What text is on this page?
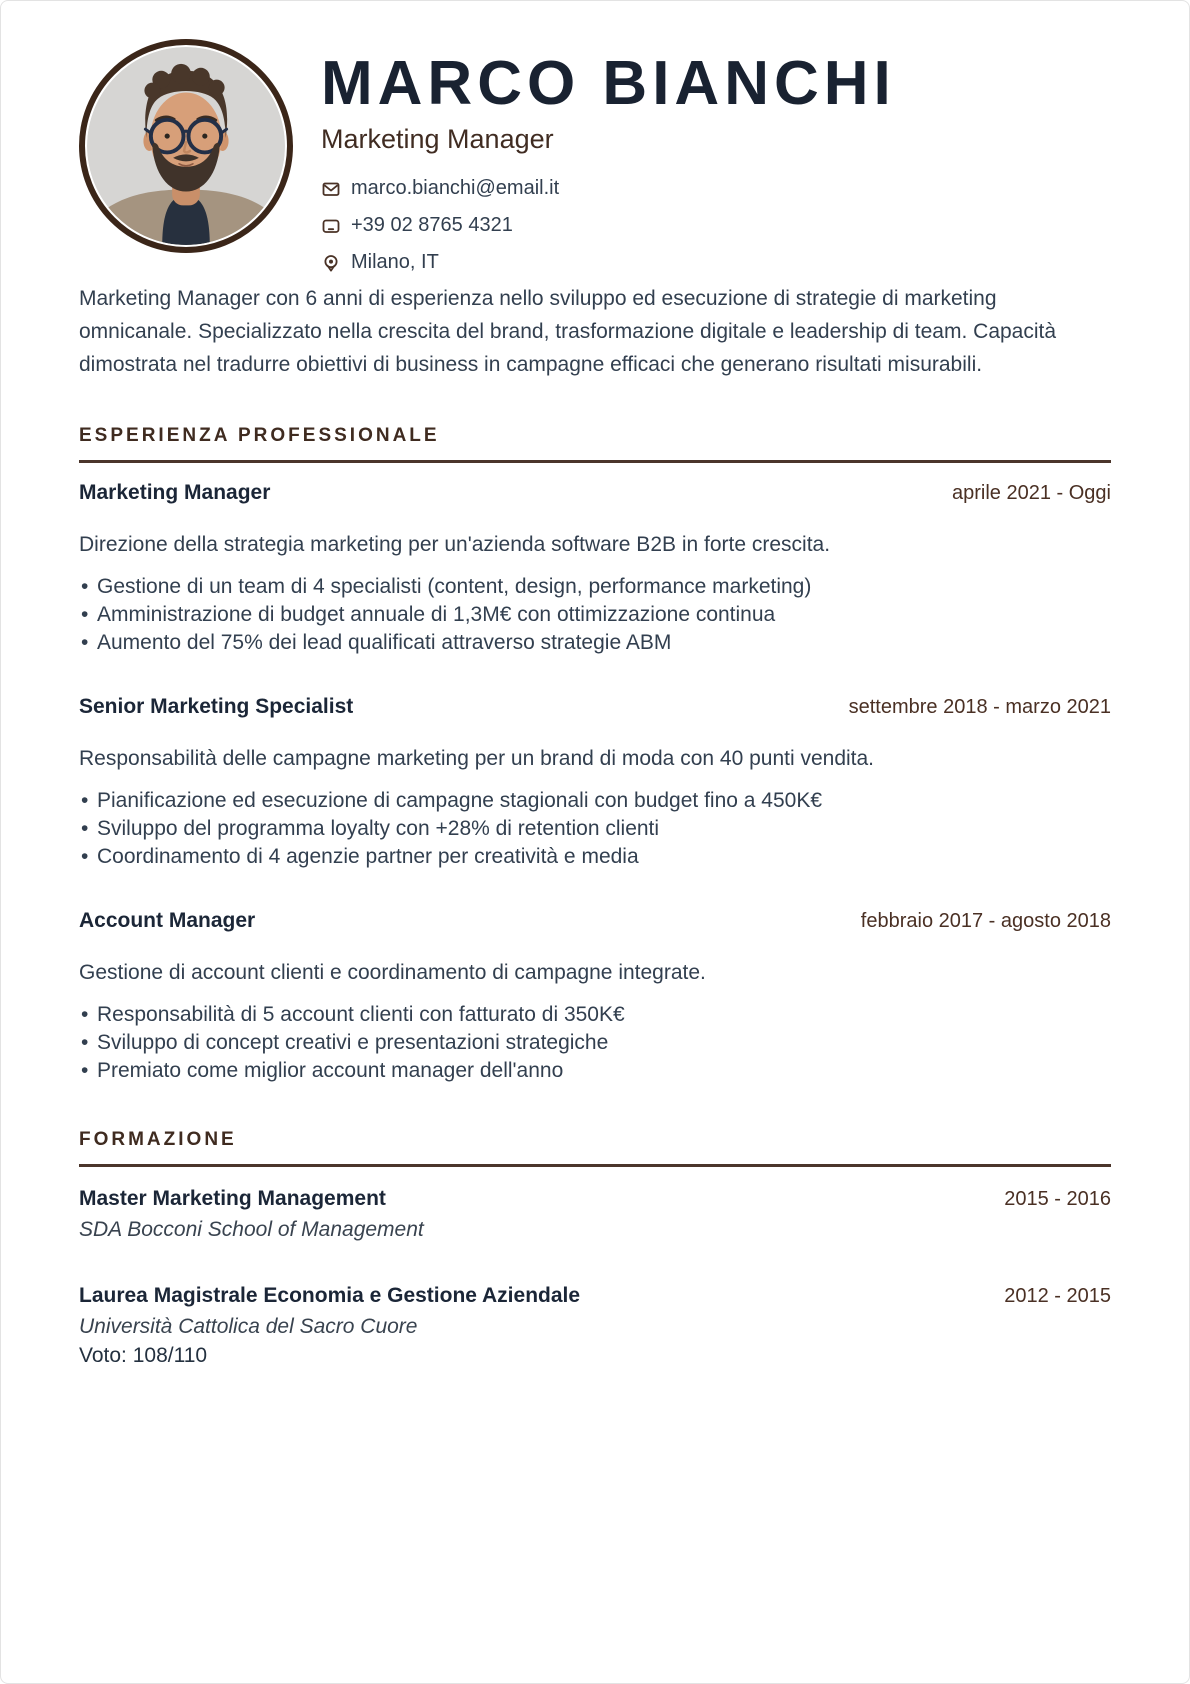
MARCO BIANCHI
Marketing Manager
marco.bianchi@email.it
+39 02 8765 4321
Milano, IT

Marketing Manager con 6 anni di esperienza nello sviluppo ed esecuzione di strategie di marketing omnicanale. Specializzato nella crescita del brand, trasformazione digitale e leadership di team. Capacità dimostrata nel tradurre obiettivi di business in campagne efficaci che generano risultati misurabili.

ESPERIENZA PROFESSIONALE
Marketing Manager	aprile 2021 - Oggi

Direzione della strategia marketing per un'azienda software B2B in forte crescita.

• Gestione di un team di 4 specialisti (content, design, performance marketing)
• Amministrazione di budget annuale di 1,3M€ con ottimizzazione continua
• Aumento del 75% dei lead qualificati attraverso strategie ABM
Senior Marketing Specialist	settembre 2018 - marzo 2021

Responsabilità delle campagne marketing per un brand di moda con 40 punti vendita.

• Pianificazione ed esecuzione di campagne stagionali con budget fino a 450K€
• Sviluppo del programma loyalty con +28% di retention clienti
• Coordinamento di 4 agenzie partner per creatività e media
Account Manager	febbraio 2017 - agosto 2018

Gestione di account clienti e coordinamento di campagne integrate.

• Responsabilità di 5 account clienti con fatturato di 350K€
• Sviluppo di concept creativi e presentazioni strategiche
• Premiato come miglior account manager dell'anno
FORMAZIONE
Master Marketing Management	2015 - 2016
SDA Bocconi School of Management
Laurea Magistrale Economia e Gestione Aziendale	2012 - 2015
Università Cattolica del Sacro Cuore
Voto: 108/110
